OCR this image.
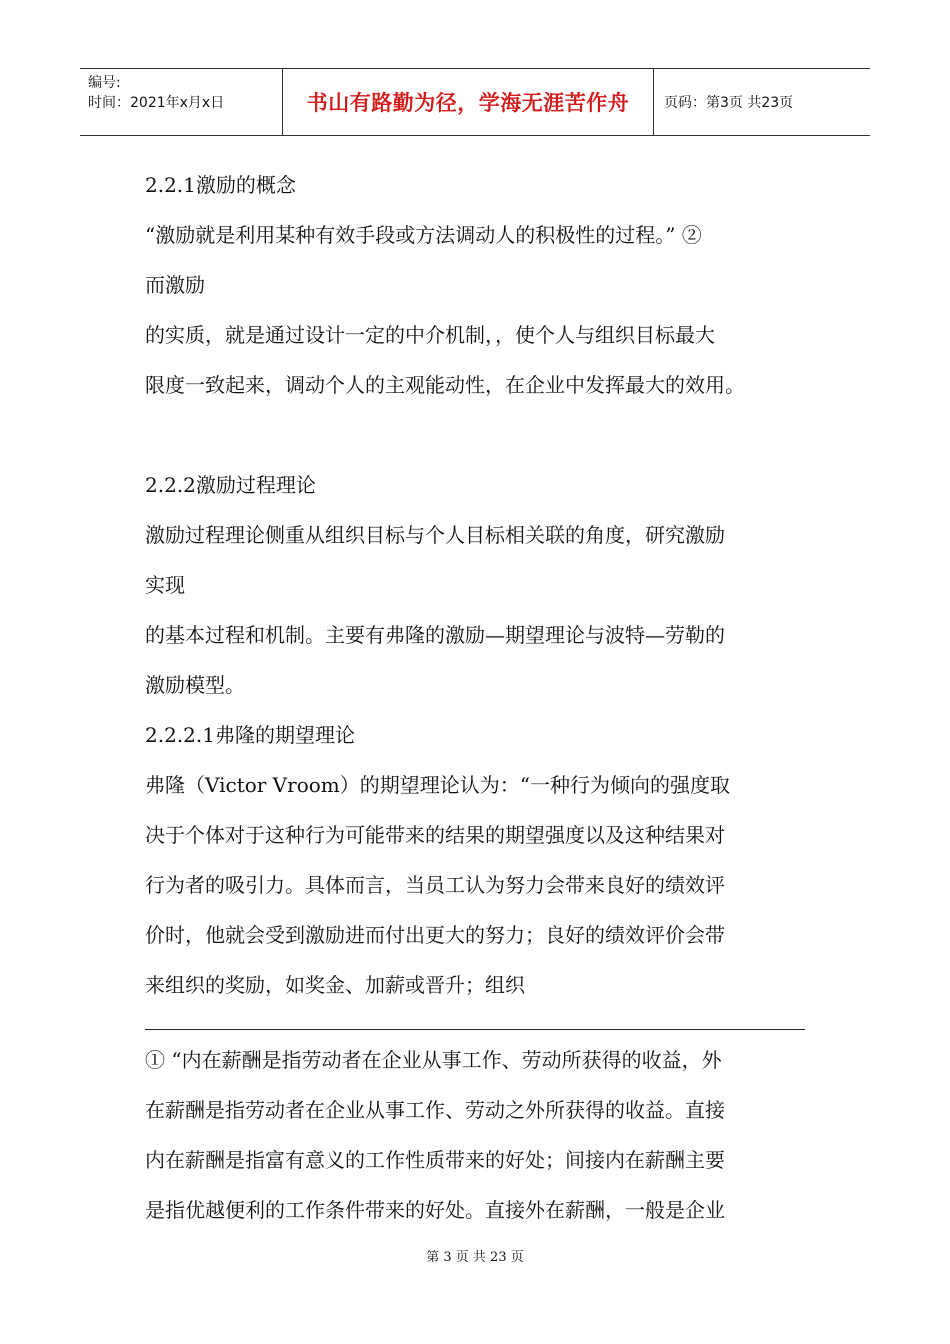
编号:
时间：2021年x月x日	书山有路勤为径，学海无涯苦作舟	页码：第3页 共23页
2.2.1激励的概念
“激励就是利用某种有效手段或方法调动人的积极性的过程。” ②
而激励
的实质，就是通过设计一定的中介机制，，使个人与组织目标最大
限度一致起来，调动个人的主观能动性，在企业中发挥最大的效用。
2.2.2激励过程理论
激励过程理论侧重从组织目标与个人目标相关联的角度，研究激励
实现
的基本过程和机制。主要有弗隆的激励—期望理论与波特—劳勒的
激励模型。
2.2.2.1弗隆的期望理论
弗隆（Victor Vroom）的期望理论认为：“一种行为倾向的强度取
决于个体对于这种行为可能带来的结果的期望强度以及这种结果对
行为者的吸引力。具体而言，当员工认为努力会带来良好的绩效评
价时，他就会受到激励进而付出更大的努力；良好的绩效评价会带
来组织的奖励，如奖金、加薪或晋升；组织
① “内在薪酬是指劳动者在企业从事工作、劳动所获得的收益，外
在薪酬是指劳动者在企业从事工作、劳动之外所获得的收益。直接
内在薪酬是指富有意义的工作性质带来的好处；间接内在薪酬主要
是指优越便利的工作条件带来的好处。直接外在薪酬，一般是企业
第 3 页 共 23 页
